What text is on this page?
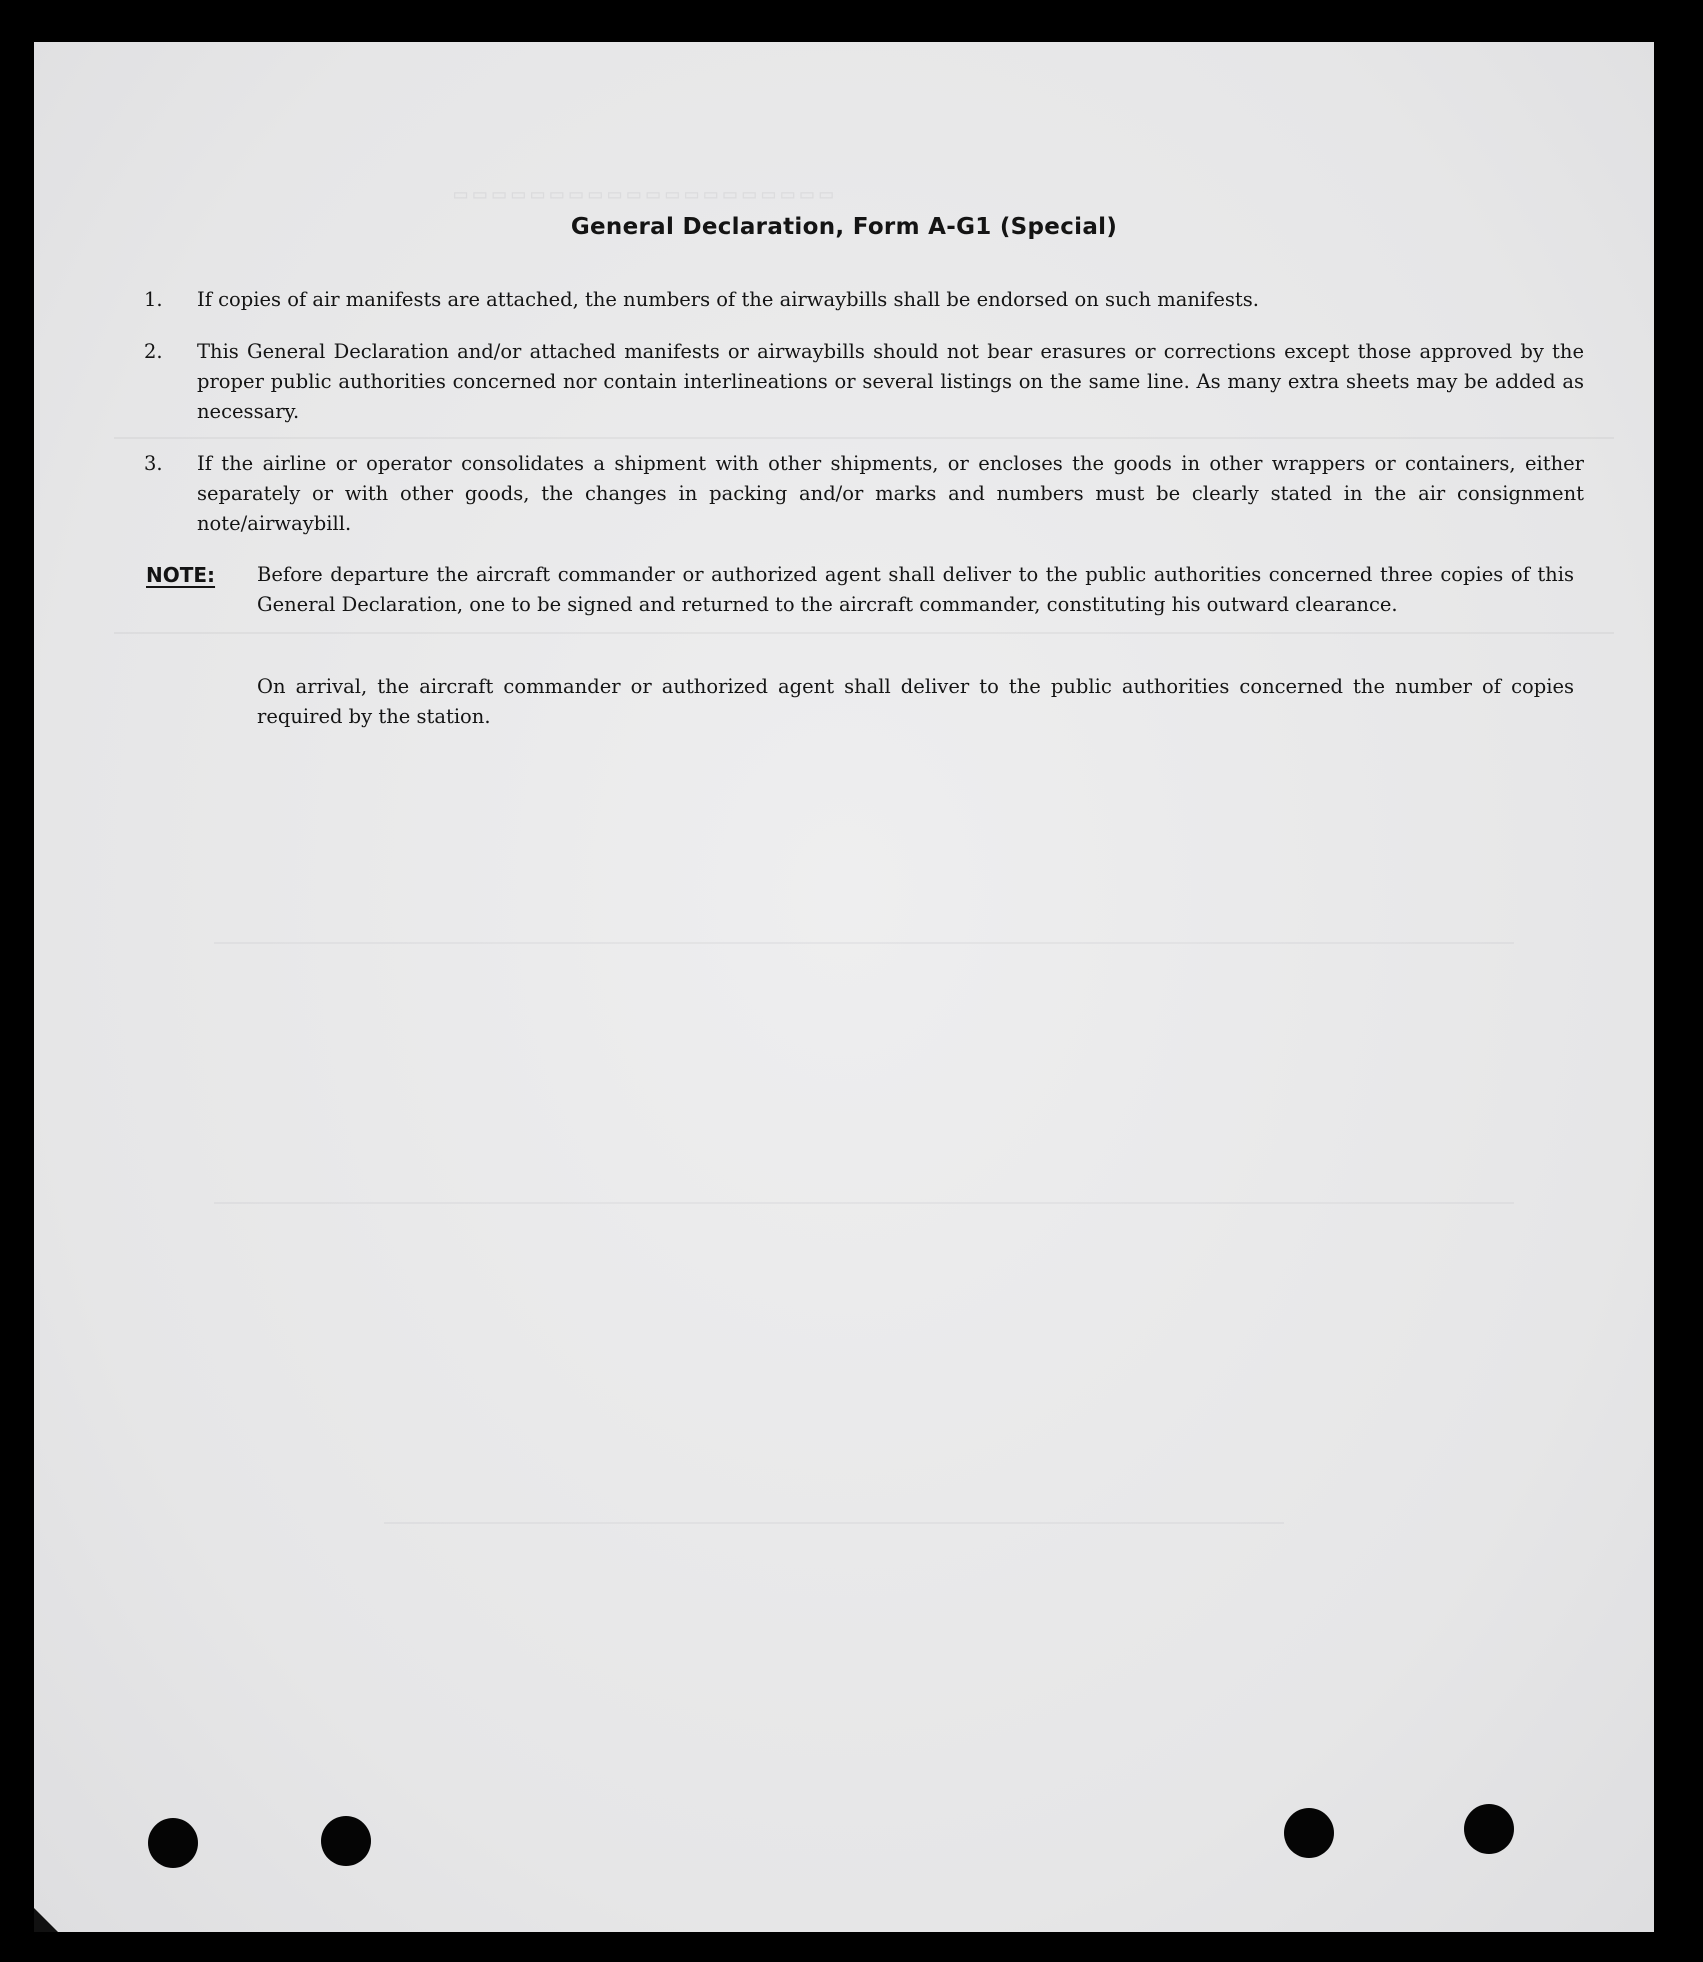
▭▭▭▭▭▭▭▭▭▭▭▭▭▭▭▭▭▭▭▭
General Declaration, Form A-G1 (Special)
1.	If copies of air manifests are attached, the numbers of the airwaybills shall be endorsed on such manifests.
2.	This General Declaration and/or attached manifests or airwaybills should not bear erasures or corrections except those approved by the proper public authorities concerned nor contain interlineations or several listings on the same line. As many extra sheets may be added as necessary.
3.	If the airline or operator consolidates a shipment with other shipments, or encloses the goods in other wrappers or containers, either separately or with other goods, the changes in packing and/or marks and numbers must be clearly stated in the air consignment note/airwaybill.
NOTE: Before departure the aircraft commander or authorized agent shall deliver to the public authorities concerned three copies of this General Declaration, one to be signed and returned to the aircraft commander, constituting his outward clearance.
On arrival, the aircraft commander or authorized agent shall deliver to the public authorities concerned the number of copies required by the station.
